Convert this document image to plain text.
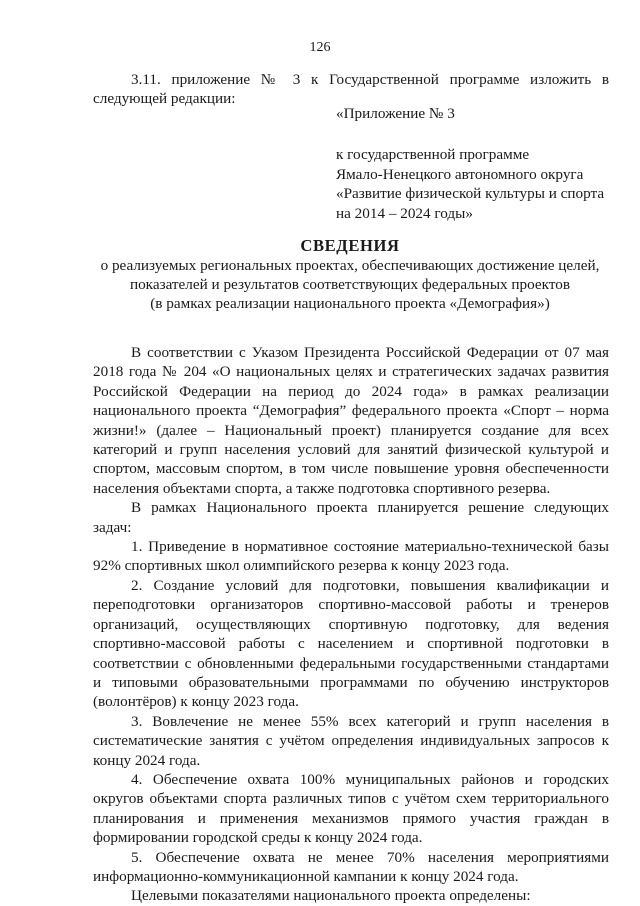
126
3.11. приложение № 3 к Государственной программе изложить в следующей редакции:
«Приложение № 3
к государственной программе
Ямало-Ненецкого автономного округа
«Развитие физической культуры и спорта
на 2014 – 2024 годы»
СВЕДЕНИЯ
о реализуемых региональных проектах, обеспечивающих достижение целей,
показателей и результатов соответствующих федеральных проектов
(в рамках реализации национального проекта «Демография»)

В соответствии с Указом Президента Российской Федерации от 07 мая 2018 года № 204 «О национальных целях и стратегических задачах развития Российской Федерации на период до 2024 года» в рамках реализации национального проекта “Демография” федерального проекта «Спорт – норма жизни!» (далее – Национальный проект) планируется создание для всех категорий и групп населения условий для занятий физической культурой и спортом, массовым спортом, в том числе повышение уровня обеспеченности населения объектами спорта, а также подготовка спортивного резерва.

В рамках Национального проекта планируется решение следующих задач:

1. Приведение в нормативное состояние материально-технической базы 92% спортивных школ олимпийского резерва к концу 2023 года.

2. Создание условий для подготовки, повышения квалификации и переподготовки организаторов спортивно-массовой работы и тренеров организаций, осуществляющих спортивную подготовку, для ведения спортивно-массовой работы с населением и спортивной подготовки в соответствии с обновленными федеральными государственными стандартами и типовыми образовательными программами по обучению инструкторов (волонтёров) к концу 2023 года.

3. Вовлечение не менее 55% всех категорий и групп населения в систематические занятия с учётом определения индивидуальных запросов к концу 2024 года.

4. Обеспечение охвата 100% муниципальных районов и городских округов объектами спорта различных типов с учётом схем территориального планирования и применения механизмов прямого участия граждан в формировании городской среды к концу 2024 года.

5. Обеспечение охвата не менее 70% населения мероприятиями информационно-коммуникационной кампании к концу 2024 года.

Целевыми показателями национального проекта определены:
